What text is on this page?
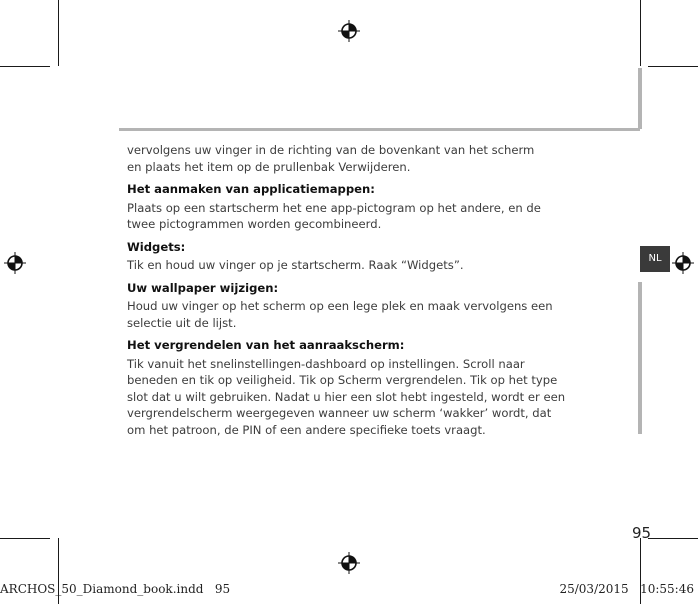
NL

vervolgens uw vinger in de richting van de bovenkant van het scherm
en plaats het item op de prullenbak Verwijderen.

Het aanmaken van applicatiemappen:

Plaats op een startscherm het ene app-pictogram op het andere, en de twee pictogrammen worden gecombineerd.

Widgets:

Tik en houd uw vinger op je startscherm. Raak “Widgets”.

Uw wallpaper wijzigen:

Houd uw vinger op het scherm op een lege plek en maak vervolgens een selectie uit de lijst.

Het vergrendelen van het aanraakscherm:

Tik vanuit het snelinstellingen-dashboard op instellingen. Scroll naar beneden en tik op veiligheid. Tik op Scherm vergrendelen. Tik op het type slot dat u wilt gebruiken. Nadat u hier een slot hebt ingesteld, wordt er een vergrendelscherm weergegeven wanneer uw scherm ‘wakker’ wordt, dat om het patroon, de PIN of een andere specifieke toets vraagt.

95
ARCHOS_50_Diamond_book.indd   95	25/03/2015   10:55:46
